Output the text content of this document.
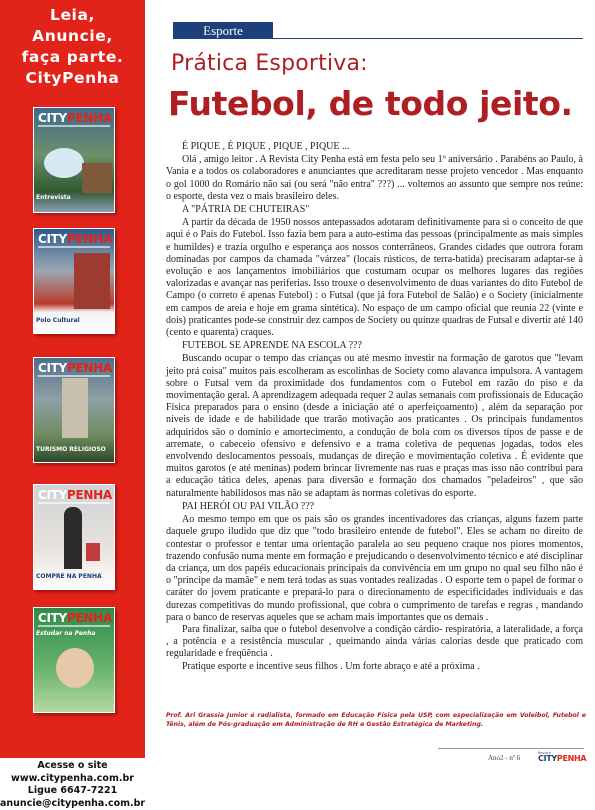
Leia,
Anuncie,
faça parte.
CityPenha
CITYPENHA
Entrevista
CITYPENHA
Polo Cultural
CITYPENHA
TURISMO RELIGIOSO
CITYPENHA
COMPRE NA PENHA
CITYPENHA
Estudar na Penha
Acesse o site
www.citypenha.com.br
Ligue 6647-7221
anuncie@citypenha.com.br
Esporte
Prática Esportiva:
Futebol, de todo jeito.

É PIQUE , É PIQUE , PIQUE , PIQUE ...

Olá , amigo leitor . A Revista City Penha está em festa pelo seu 1º aniversário . Parabéns ao Paulo, à Vania e a todos os colaboradores e anunciantes que acreditaram nesse projeto vencedor . Mas enquanto o gol 1000 do Romário não sai (ou será "não entra" ???) ... voltemos ao assunto que sempre nos reúne: o esporte, desta vez o mais brasileiro deles.

A "PÁTRIA DE CHUTEIRAS"

A partir da década de 1950 nossos antepassados adotaram definitivamente para si o conceito de que aqui é o País do Futebol. Isso fazia bem para a auto-estima das pessoas (principalmente as mais simples e humildes) e trazia orgulho e esperança aos nossos conterrâneos. Grandes cidades que outrora foram dominadas por campos da chamada "várzea" (locais rústicos, de terra-batida) precisaram adaptar-se à evolução e aos lançamentos imobiliários que costumam ocupar os melhores lugares das regiões valorizadas e avançar nas periferias. Isso trouxe o desenvolvimento de duas variantes do dito Futebol de Campo (o correto é apenas Futebol) : o Futsal (que já fora Futebol de Salão) e o Society (inicialmente em campos de areia e hoje em grama sintética). No espaço de um campo oficial que reunia 22 (vinte e dois) praticantes pode-se construir dez campos de Society ou quinze quadras de Futsal e divertir até 140 (cento e quarenta) craques.

FUTEBOL SE APRENDE NA ESCOLA ???

Buscando ocupar o tempo das crianças ou até mesmo investir na formação de garotos que "levam jeito prá coisa" muitos pais escolheram as escolinhas de Society como alavanca impulsora. A vantagem sobre o Futsal vem da proximidade dos fundamentos com o Futebol em razão do piso e da movimentação geral. A aprendizagem adequada requer 2 aulas semanais com profissionais de Educação Física preparados para o ensino (desde a iniciação até o aperfeiçoamento) , além da separação por níveis de idade e de habilidade que trarão motivação aos praticantes . Os principais fundamentos adquiridos são o domínio e amortecimento, a condução de bola com os diversos tipos de passe e de arremate, o cabeceio ofensivo e defensivo e a trama coletiva de pequenas jogadas, todos eles envolvendo deslocamentos pessoais, mudanças de direção e movimentação coletiva . É evidente que muitos garotos (e até meninas) podem brincar livremente nas ruas e praças mas isso não contribui para a educação tática deles, apenas para diversão e formação dos chamados "peladeiros" , que são naturalmente habilidosos mas não se adaptam às normas coletivas do esporte.

PAI HERÓI OU PAI VILÃO ???

Ao mesmo tempo em que os pais são os grandes incentivadores das crianças, alguns fazem parte daquele grupo iludido que diz que "todo brasileiro entende de futebol". Eles se acham no direito de contestar o professor e tentar uma orientação paralela ao seu pequeno craque nos piores momentos, trazendo confusão numa mente em formação e prejudicando o desenvolvimento técnico e até disciplinar da criança, um dos papéis educacionais principais da convivência em um grupo no qual seu filho não é o "príncipe da mamãe" e nem terá todas as suas vontades realizadas . O esporte tem o papel de formar o caráter do jovem praticante e prepará-lo para o direcionamento de especificidades individuais e das durezas competitivas do mundo profissional, que cobra o cumprimento de tarefas e regras , mandando para o banco de reservas aqueles que se acham mais importantes que os demais .

Para finalizar, saiba que o futebol desenvolve a condição cárdio- respiratória, a lateralidade, a força , a potência e a resistência muscular , queimando ainda várias calorias desde que praticado com regularidade e freqüência .

Pratique esporte e incentive seus filhos . Um forte abraço e até a próxima .

Prof. Ari Grassia Junior é radialista, formado em Educação Física pela USP, com especialização em Voleibol, Futebol e Tênis, além de Pós-graduação em Administração de RH e Gestão Estratégica de Marketing.
Ano2 - nº 6
Revista
CITYPENHA
